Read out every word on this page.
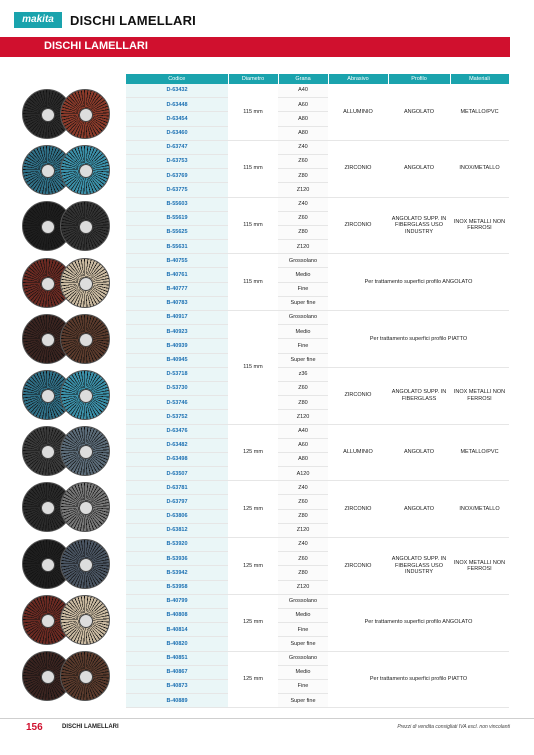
makita	DISCHI LAMELLARI
DISCHI LAMELLARI
Codice	Diametro	Grana	Abrasivo	Profilo	Materiali
D-63432	115 mm	A40	ALLUMINIO	ANGOLATO	METALLO/PVC
D-63448		A60			
D-63454		A80			
D-63460		A80			
D-63747	115 mm	Z40	ZIRCONIO	ANGOLATO	INOX/METALLO
D-63753		Z60			
D-63769		Z80			
D-63775		Z120			
B-55603	115 mm	Z40	ZIRCONIO	ANGOLATO SUPP. IN FIBERGLASS USO INDUSTRY	INOX METALLI NON FERROSI
B-55619		Z60			
B-55625		Z80			
B-55631		Z120			
B-40755	115 mm	Grossolano	Per trattamento superfici profilo ANGOLATO		
B-40761		Medio			
B-40777		Fine			
B-40783		Super fine			
B-40917	115 mm	Grossolano	Per trattamento superfici profilo PIATTO		
B-40923		Medio			
B-40939		Fine			
B-40945		Super fine			
D-53718		z36	ZIRCONIO	ANGOLATO SUPP. IN FIBERGLASS	INOX METALLI NON FERROSI
D-53730		Z60			
D-53746		Z80			
D-53752		Z120			
D-63476	125 mm	A40	ALLUMINIO	ANGOLATO	METALLO/PVC
D-63482		A60			
D-63498		A80			
D-63507		A120			
D-63781	125 mm	Z40	ZIRCONIO	ANGOLATO	INOX/METALLO
D-63797		Z60			
D-63806		Z80			
D-63812		Z120			
B-53920	125 mm	Z40	ZIRCONIO	ANGOLATO SUPP. IN FIBERGLASS USO INDUSTRY	INOX METALLI NON FERROSI
B-53936		Z60			
B-53942		Z80			
B-53958		Z120			
B-40799	125 mm	Grossolano	Per trattamento superfici profilo ANGOLATO		
B-40808		Medio			
B-40814		Fine			
B-40820		Super fine			
B-40851	125 mm	Grossolano	Per trattamento superfici profilo PIATTO		
B-40867		Medio			
B-40873		Fine			
B-40889		Super fine			
156	DISCHI LAMELLARI	Prezzi di vendita consigliati IVA escl. non vincolanti
